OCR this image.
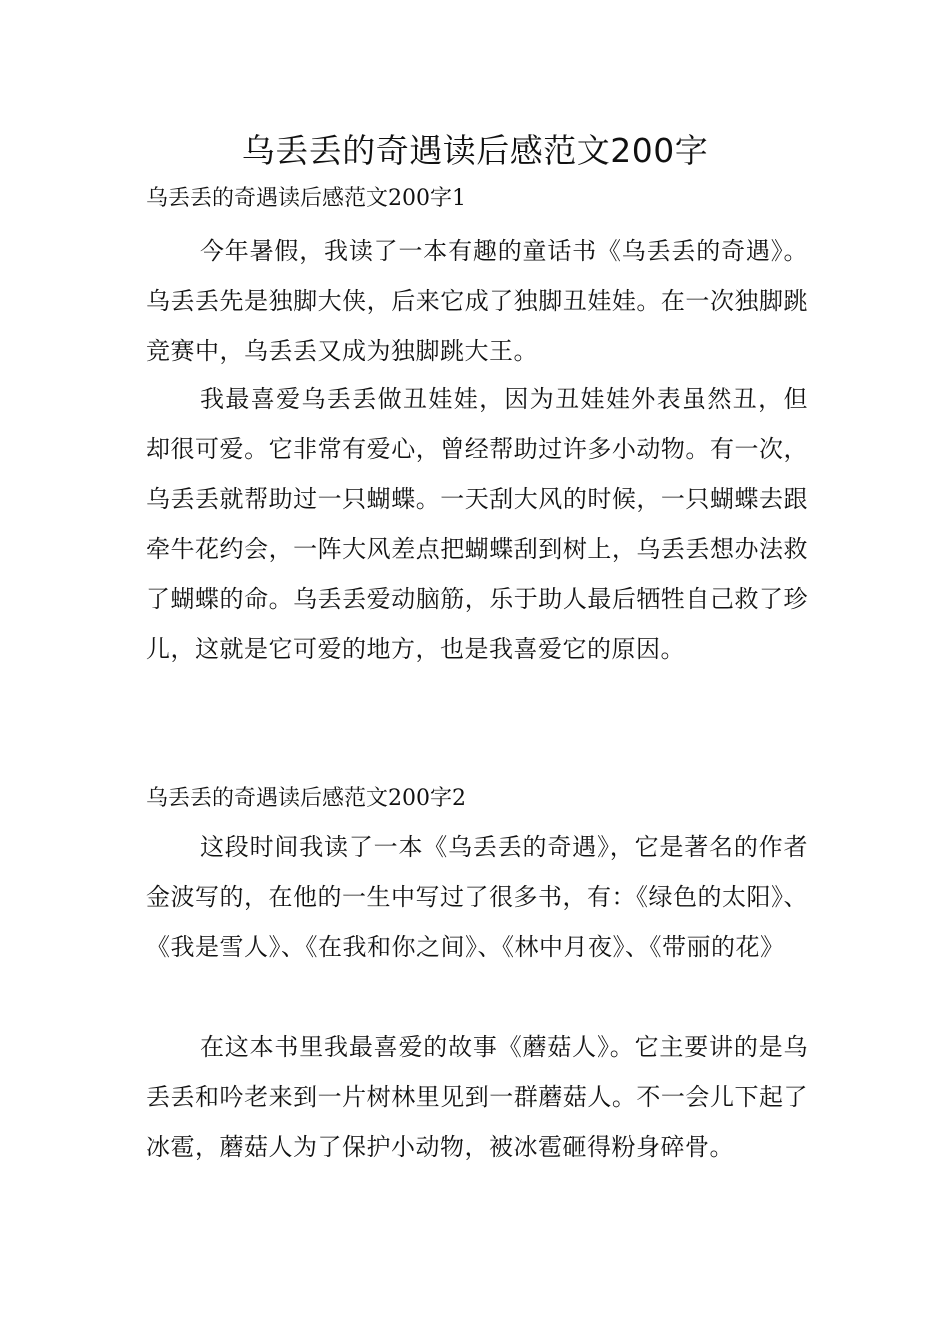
乌丢丢的奇遇读后感范文200字
乌丢丢的奇遇读后感范文200字1

今年暑假，我读了一本有趣的童话书《乌丢丢的奇遇》。乌丢丢先是独脚大侠，后来它成了独脚丑娃娃。在一次独脚跳竞赛中，乌丢丢又成为独脚跳大王。

我最喜爱乌丢丢做丑娃娃，因为丑娃娃外表虽然丑，但却很可爱。它非常有爱心，曾经帮助过许多小动物。有一次，乌丢丢就帮助过一只蝴蝶。一天刮大风的时候，一只蝴蝶去跟牵牛花约会，一阵大风差点把蝴蝶刮到树上，乌丢丢想办法救了蝴蝶的命。乌丢丢爱动脑筋，乐于助人最后牺牲自己救了珍儿，这就是它可爱的地方，也是我喜爱它的原因。

乌丢丢的奇遇读后感范文200字2

这段时间我读了一本《乌丢丢的奇遇》，它是著名的作者金波写的，在他的一生中写过了很多书，有：《绿色的太阳》、《我是雪人》、《在我和你之间》、《林中月夜》、《带丽的花》

在这本书里我最喜爱的故事《蘑菇人》。它主要讲的是乌丢丢和吟老来到一片树林里见到一群蘑菇人。不一会儿下起了冰雹，蘑菇人为了保护小动物，被冰雹砸得粉身碎骨。
